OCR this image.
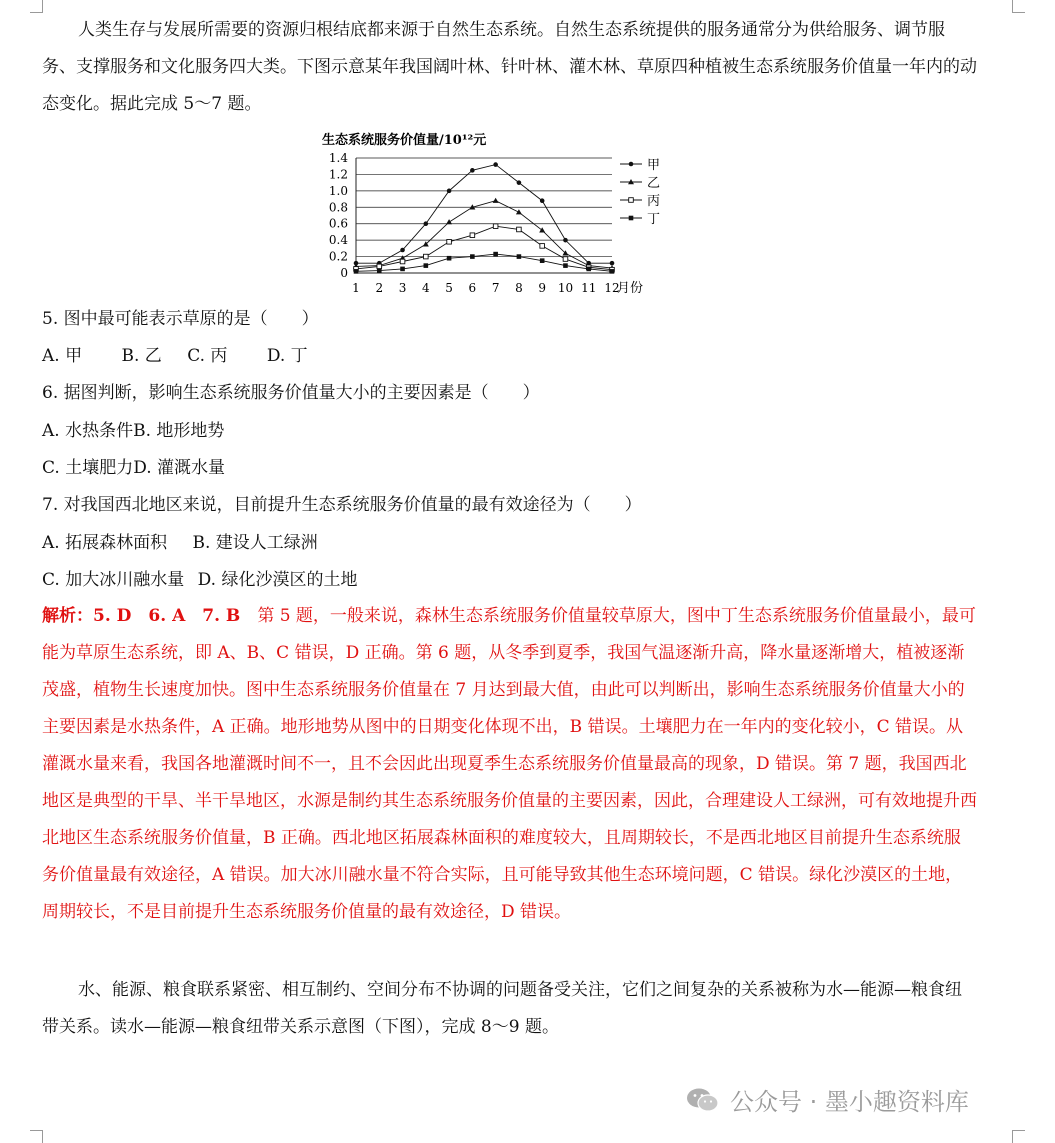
人类生存与发展所需要的资源归根结底都来源于自然生态系统。自然生态系统提供的服务通常分为供给服务、调节服务、支撑服务和文化服务四大类。下图示意某年我国阔叶林、针叶林、灌木林、草原四种植被生态系统服务价值量一年内的动态变化。据此完成 5～7 题。

生态系统服务价值量/10¹²元
1.4
1.2
1.0
0.8
0.6
0.4
0.2
0
1 2 3 4 5 6 7 8 9 10 11 12
月份
甲
乙
丙
丁
5. 图中最可能表示草原的是（　　）
A. 甲 B. 乙 C. 丙 D. 丁
6. 据图判断，影响生态系统服务价值量大小的主要因素是（　　）
A. 水热条件B. 地形地势
C. 土壤肥力D. 灌溉水量
7. 对我国西北地区来说，目前提升生态系统服务价值量的最有效途径为（　　）
A. 拓展森林面积 B. 建设人工绿洲
C. 加大冰川融水量 D. 绿化沙漠区的土地

解析：5. D　6. A　7. B　 第 5 题，一般来说，森林生态系统服务价值量较草原大，图中丁生态系统服务价值量最小，最可能为草原生态系统，即 A、B、C 错误，D 正确。第 6 题，从冬季到夏季，我国气温逐渐升高，降水量逐渐增大，植被逐渐茂盛，植物生长速度加快。图中生态系统服务价值量在 7 月达到最大值，由此可以判断出，影响生态系统服务价值量大小的主要因素是水热条件，A 正确。地形地势从图中的日期变化体现不出，B 错误。土壤肥力在一年内的变化较小，C 错误。从灌溉水量来看，我国各地灌溉时间不一，且不会因此出现夏季生态系统服务价值量最高的现象，D 错误。第 7 题，我国西北地区是典型的干旱、半干旱地区，水源是制约其生态系统服务价值量的主要因素，因此，合理建设人工绿洲，可有效地提升西北地区生态系统服务价值量，B 正确。西北地区拓展森林面积的难度较大，且周期较长，不是西北地区目前提升生态系统服务价值量最有效途径，A 错误。加大冰川融水量不符合实际，且可能导致其他生态环境问题，C 错误。绿化沙漠区的土地，周期较长，不是目前提升生态系统服务价值量的最有效途径，D 错误。

水、能源、粮食联系紧密、相互制约、空间分布不协调的问题备受关注，它们之间复杂的关系被称为水—能源—粮食纽带关系。读水—能源—粮食纽带关系示意图（下图），完成 8～9 题。

公众号 · 墨小趣资料库
